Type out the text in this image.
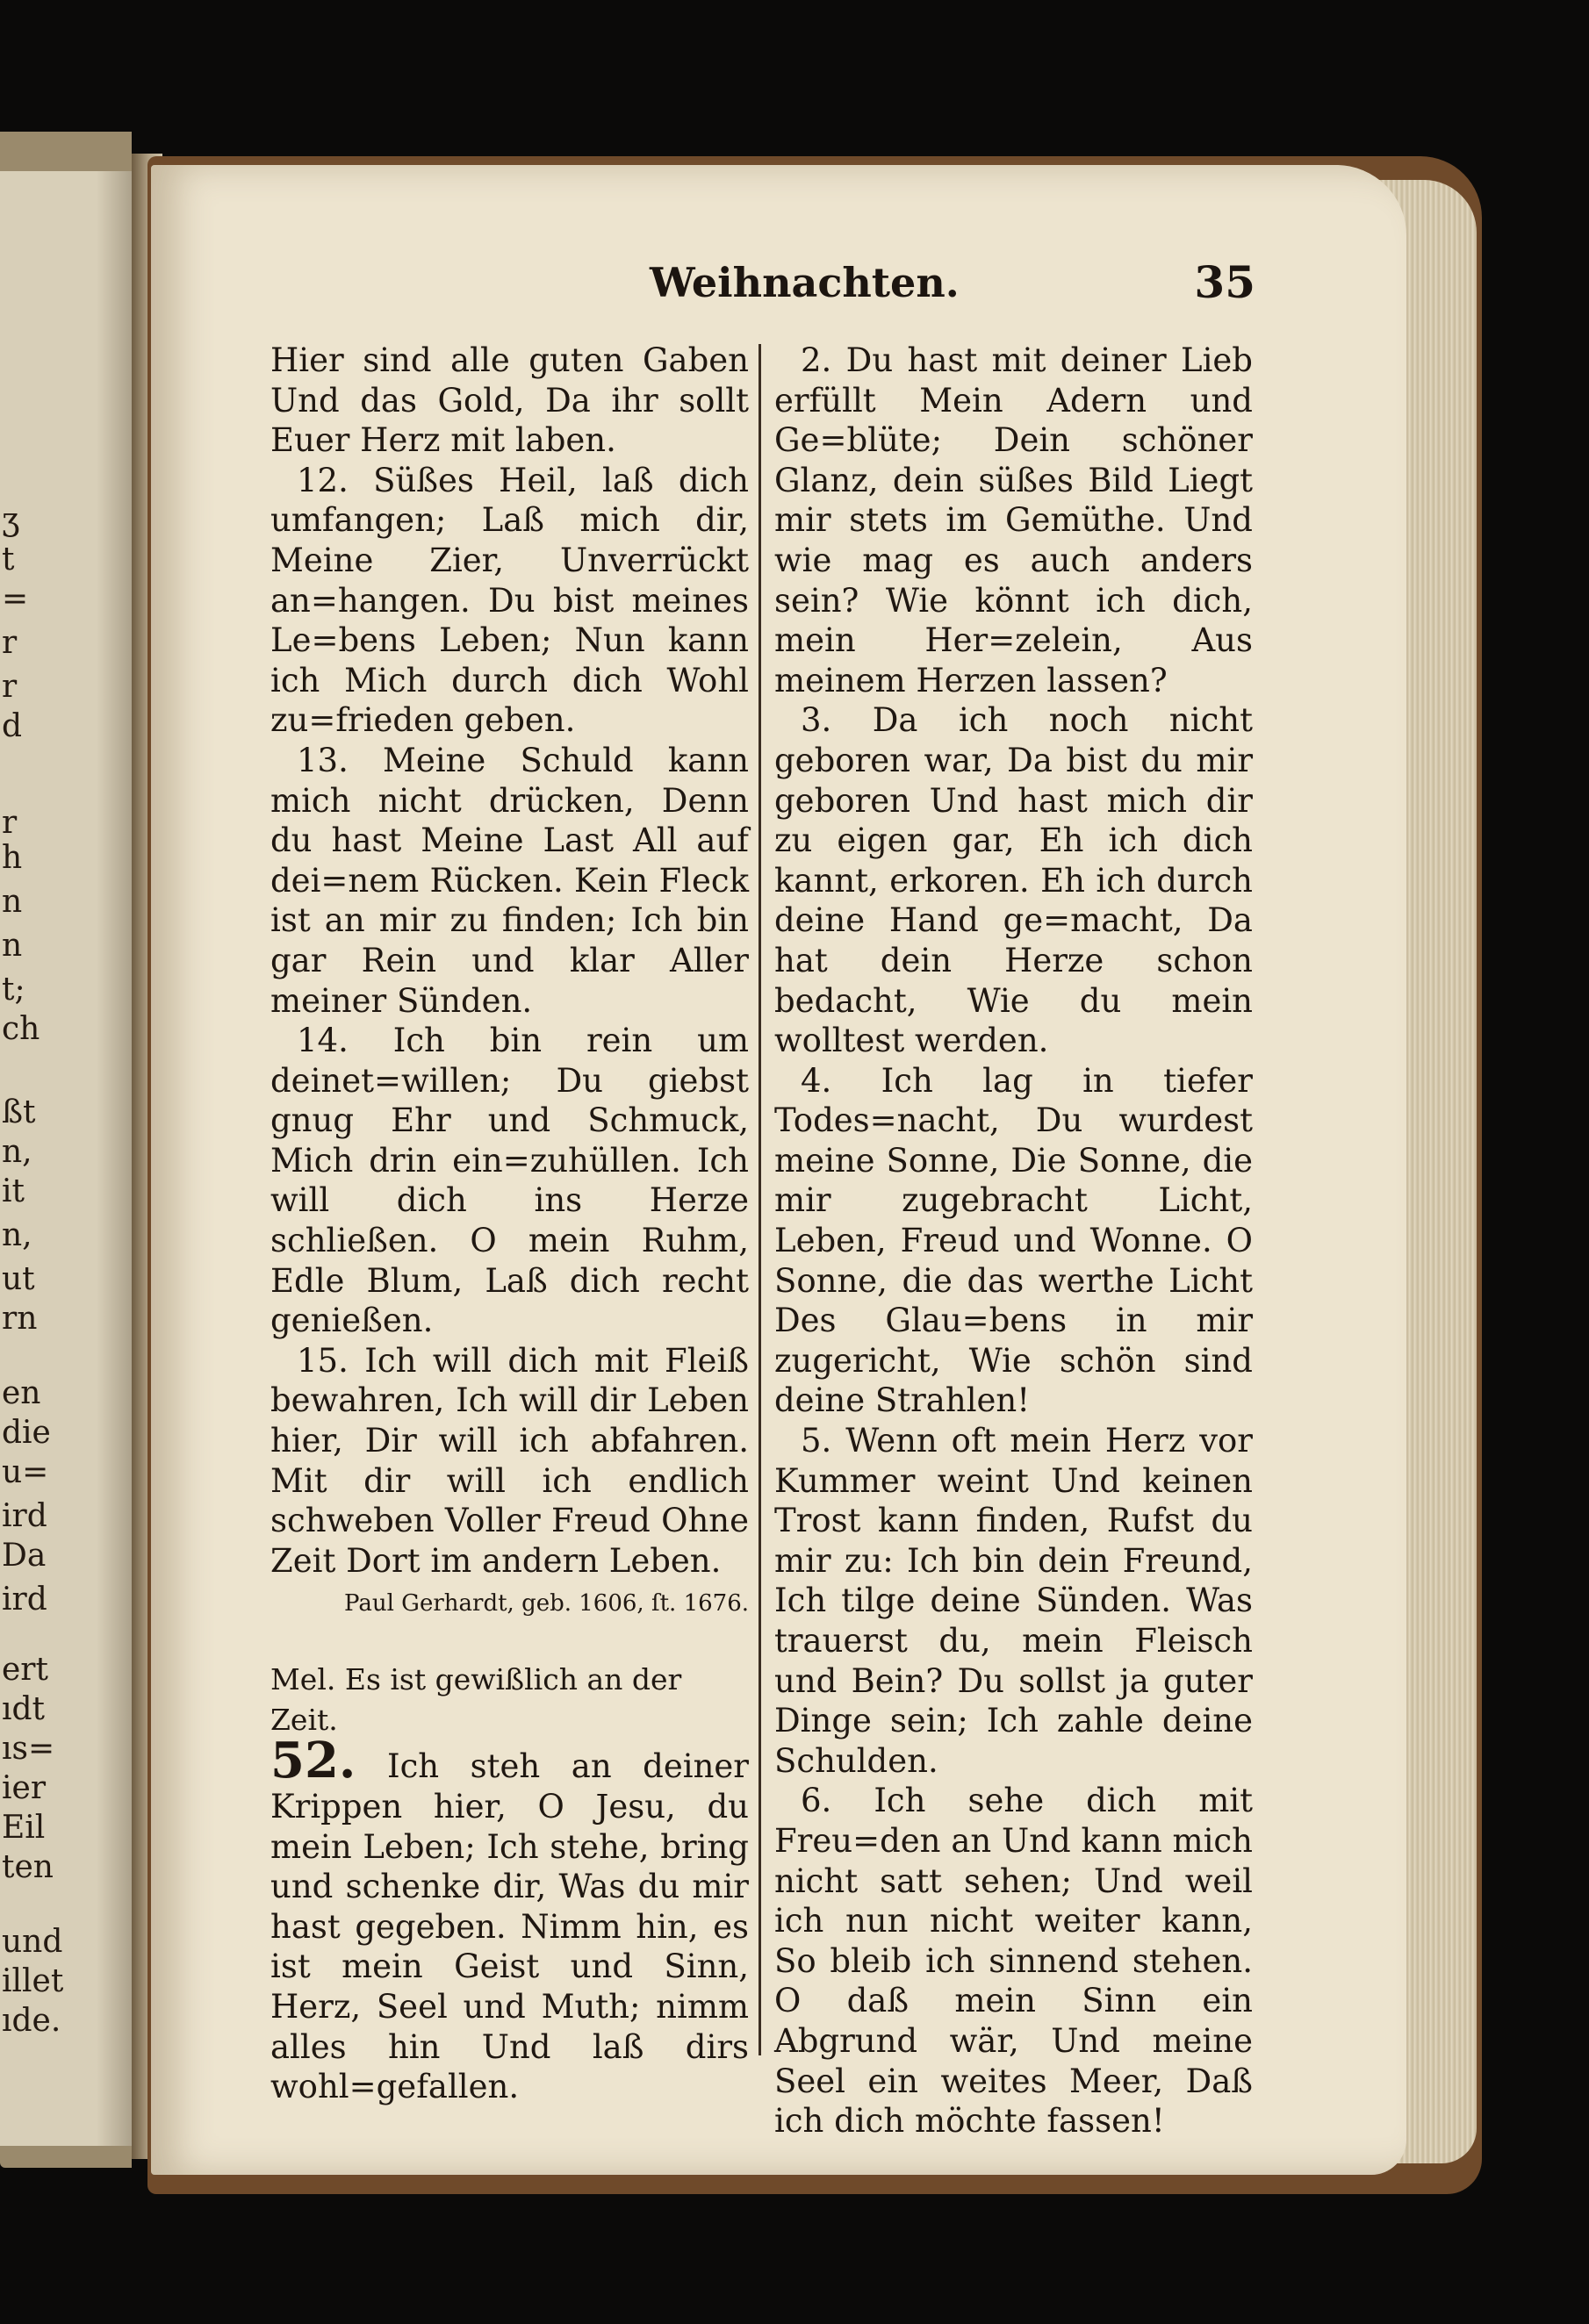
ʒ
t
=
r
r
d
r
h
n
n
t;
ch
ßt
n,
it
n,
ut
rn
en
die
u=
ird
Da
ird
ert
ıdt
ıs=
ier
Eil
ten
und
illet
ıde.
Weihnachten.	35

Hier sind alle guten Gaben Und das Gold, Da ihr sollt Euer Herz mit laben.

12. Süßes Heil, laß dich umfangen; Laß mich dir, Meine Zier, Unverrückt an=hangen. Du bist meines Le=bens Leben; Nun kann ich Mich durch dich Wohl zu=frieden geben.

13. Meine Schuld kann mich nicht drücken, Denn du hast Meine Last All auf dei=nem Rücken. Kein Fleck ist an mir zu finden; Ich bin gar Rein und klar Aller meiner Sünden.

14. Ich bin rein um deinet=willen; Du giebst gnug Ehr und Schmuck, Mich drin ein=zuhüllen. Ich will dich ins Herze schließen. O mein Ruhm, Edle Blum, Laß dich recht genießen.

15. Ich will dich mit Fleiß bewahren, Ich will dir Leben hier, Dir will ich abfahren. Mit dir will ich endlich schweben Voller Freud Ohne Zeit Dort im andern Leben.

Paul Gerhardt, geb. 1606, ſt. 1676.

Mel. Es ist gewißlich an der Zeit.

52. Ich steh an deiner Krippen hier, O Jesu, du mein Leben; Ich stehe, bring und schenke dir, Was du mir hast gegeben. Nimm hin, es ist mein Geist und Sinn, Herz, Seel und Muth; nimm alles hin Und laß dirs wohl=gefallen.

2. Du hast mit deiner Lieb erfüllt Mein Adern und Ge=blüte; Dein schöner Glanz, dein süßes Bild Liegt mir stets im Gemüthe. Und wie mag es auch anders sein? Wie könnt ich dich, mein Her=zelein, Aus meinem Herzen lassen?

3. Da ich noch nicht geboren war, Da bist du mir geboren Und hast mich dir zu eigen gar, Eh ich dich kannt, erkoren. Eh ich durch deine Hand ge=macht, Da hat dein Herze schon bedacht, Wie du mein wolltest werden.

4. Ich lag in tiefer Todes=nacht, Du wurdest meine Sonne, Die Sonne, die mir zugebracht Licht, Leben, Freud und Wonne. O Sonne, die das werthe Licht Des Glau=bens in mir zugericht, Wie schön sind deine Strahlen!

5. Wenn oft mein Herz vor Kummer weint Und keinen Trost kann finden, Rufst du mir zu: Ich bin dein Freund, Ich tilge deine Sünden. Was trauerst du, mein Fleisch und Bein? Du sollst ja guter Dinge sein; Ich zahle deine Schulden.

6. Ich sehe dich mit Freu=den an Und kann mich nicht satt sehen; Und weil ich nun nicht weiter kann, So bleib ich sinnend stehen. O daß mein Sinn ein Abgrund wär, Und meine Seel ein weites Meer, Daß ich dich möchte fassen!
